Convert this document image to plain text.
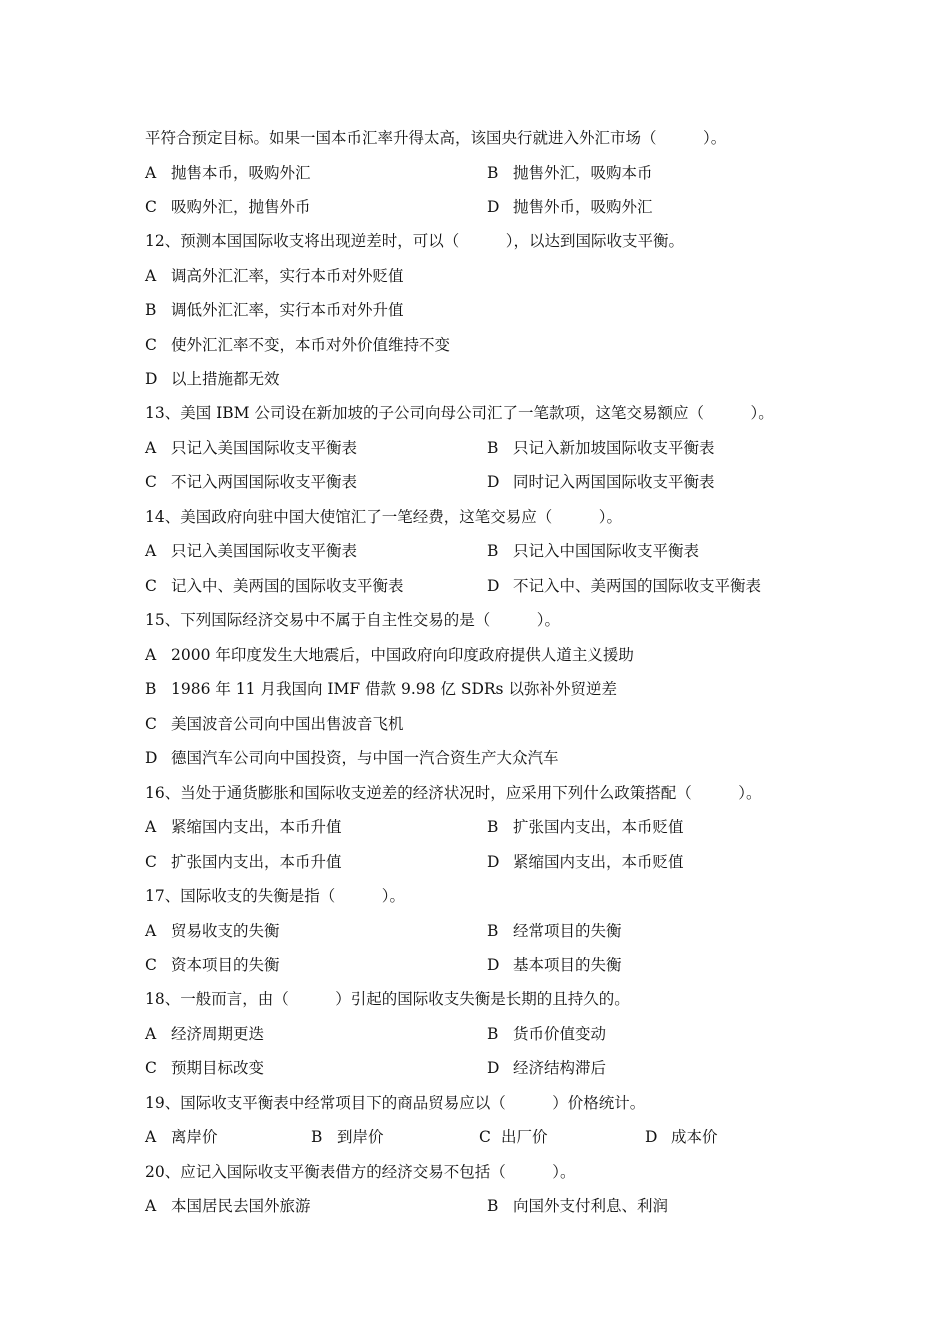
平符合预定目标。如果一国本币汇率升得太高，该国央行就进入外汇市场（　　　）。
A 抛售本币，吸购外汇	B 抛售外汇，吸购本币
C 吸购外汇，抛售外币	D 抛售外币，吸购外汇
12、预测本国国际收支将出现逆差时，可以（　　　），以达到国际收支平衡。
A 调高外汇汇率，实行本币对外贬值
B 调低外汇汇率，实行本币对外升值
C 使外汇汇率不变，本币对外价值维持不变
D 以上措施都无效
13、美国 IBM 公司设在新加坡的子公司向母公司汇了一笔款项，这笔交易额应（　　　）。
A 只记入美国国际收支平衡表	B 只记入新加坡国际收支平衡表
C 不记入两国国际收支平衡表	D 同时记入两国国际收支平衡表
14、美国政府向驻中国大使馆汇了一笔经费，这笔交易应（　　　）。
A 只记入美国国际收支平衡表	B 只记入中国国际收支平衡表
C 记入中、美两国的国际收支平衡表	D 不记入中、美两国的国际收支平衡表
15、下列国际经济交易中不属于自主性交易的是（　　　）。
A 2000 年印度发生大地震后，中国政府向印度政府提供人道主义援助
B 1986 年 11 月我国向 IMF 借款 9.98 亿 SDRs 以弥补外贸逆差
C 美国波音公司向中国出售波音飞机
D 德国汽车公司向中国投资，与中国一汽合资生产大众汽车
16、当处于通货膨胀和国际收支逆差的经济状况时，应采用下列什么政策搭配（　　　）。
A 紧缩国内支出，本币升值	B 扩张国内支出，本币贬值
C 扩张国内支出，本币升值	D 紧缩国内支出，本币贬值
17、国际收支的失衡是指（　　　）。
A 贸易收支的失衡	B 经常项目的失衡
C 资本项目的失衡	D 基本项目的失衡
18、一般而言，由（　　　）引起的国际收支失衡是长期的且持久的。
A 经济周期更迭	B 货币价值变动
C 预期目标改变	D 经济结构滞后
19、国际收支平衡表中经常项目下的商品贸易应以（　　　）价格统计。
A 离岸价	B 到岸价	C 出厂价	D 成本价
20、应记入国际收支平衡表借方的经济交易不包括（　　　）。
A 本国居民去国外旅游	B 向国外支付利息、利润
